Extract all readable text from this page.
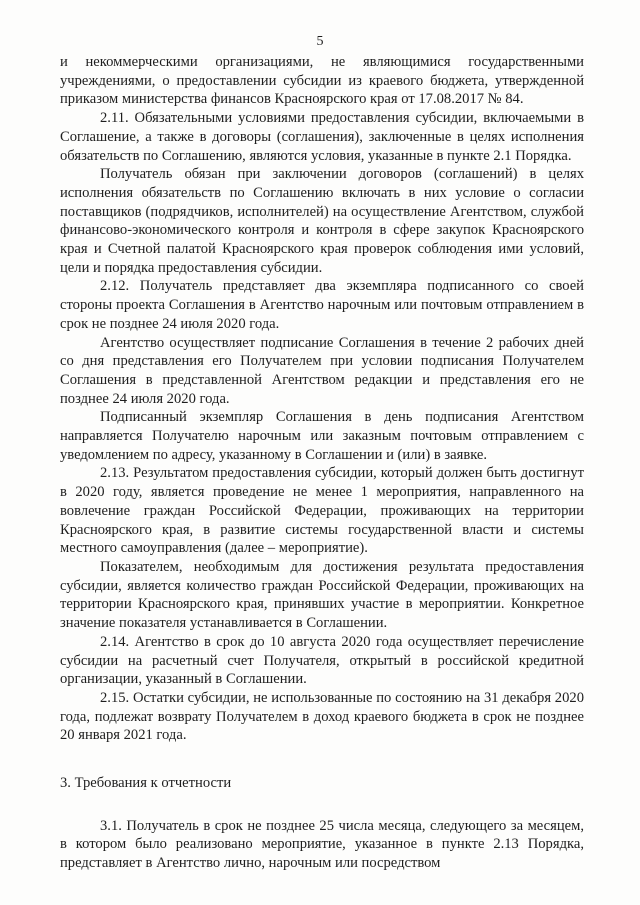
5

и некоммерческими организациями, не являющимися государственными учреждениями, о предоставлении субсидии из краевого бюджета, утвержденной приказом министерства финансов Красноярского края от 17.08.2017 № 84.

2.11. Обязательными условиями предоставления субсидии, включаемыми в Соглашение, а также в договоры (соглашения), заключенные в целях исполнения обязательств по Соглашению, являются условия, указанные в пункте 2.1 Порядка.

Получатель обязан при заключении договоров (соглашений) в целях исполнения обязательств по Соглашению включать в них условие о согласии поставщиков (подрядчиков, исполнителей) на осуществление Агентством, службой финансово-экономического контроля и контроля в сфере закупок Красноярского края и Счетной палатой Красноярского края проверок соблюдения ими условий, цели и порядка предоставления субсидии.

2.12. Получатель представляет два экземпляра подписанного со своей стороны проекта Соглашения в Агентство нарочным или почтовым отправлением в срок не позднее 24 июля 2020 года.

Агентство осуществляет подписание Соглашения в течение 2 рабочих дней со дня представления его Получателем при условии подписания Получателем Соглашения в представленной Агентством редакции и представления его не позднее 24 июля 2020 года.

Подписанный экземпляр Соглашения в день подписания Агентством направляется Получателю нарочным или заказным почтовым отправлением с уведомлением по адресу, указанному в Соглашении и (или) в заявке.

2.13. Результатом предоставления субсидии, который должен быть достигнут в 2020 году, является проведение не менее 1 мероприятия, направленного на вовлечение граждан Российской Федерации, проживающих на территории Красноярского края, в развитие системы государственной власти и системы местного самоуправления (далее – мероприятие).

Показателем, необходимым для достижения результата предоставления субсидии, является количество граждан Российской Федерации, проживающих на территории Красноярского края, принявших участие в мероприятии. Конкретное значение показателя устанавливается в Соглашении.

2.14. Агентство в срок до 10 августа 2020 года осуществляет перечисление субсидии на расчетный счет Получателя, открытый в российской кредитной организации, указанный в Соглашении.

2.15. Остатки субсидии, не использованные по состоянию на 31 декабря 2020 года, подлежат возврату Получателем в доход краевого бюджета в срок не позднее 20 января 2021 года.

3. Требования к отчетности

3.1. Получатель в срок не позднее 25 числа месяца, следующего за месяцем, в котором было реализовано мероприятие, указанное в пункте 2.13 Порядка, представляет в Агентство лично, нарочным или посредством
